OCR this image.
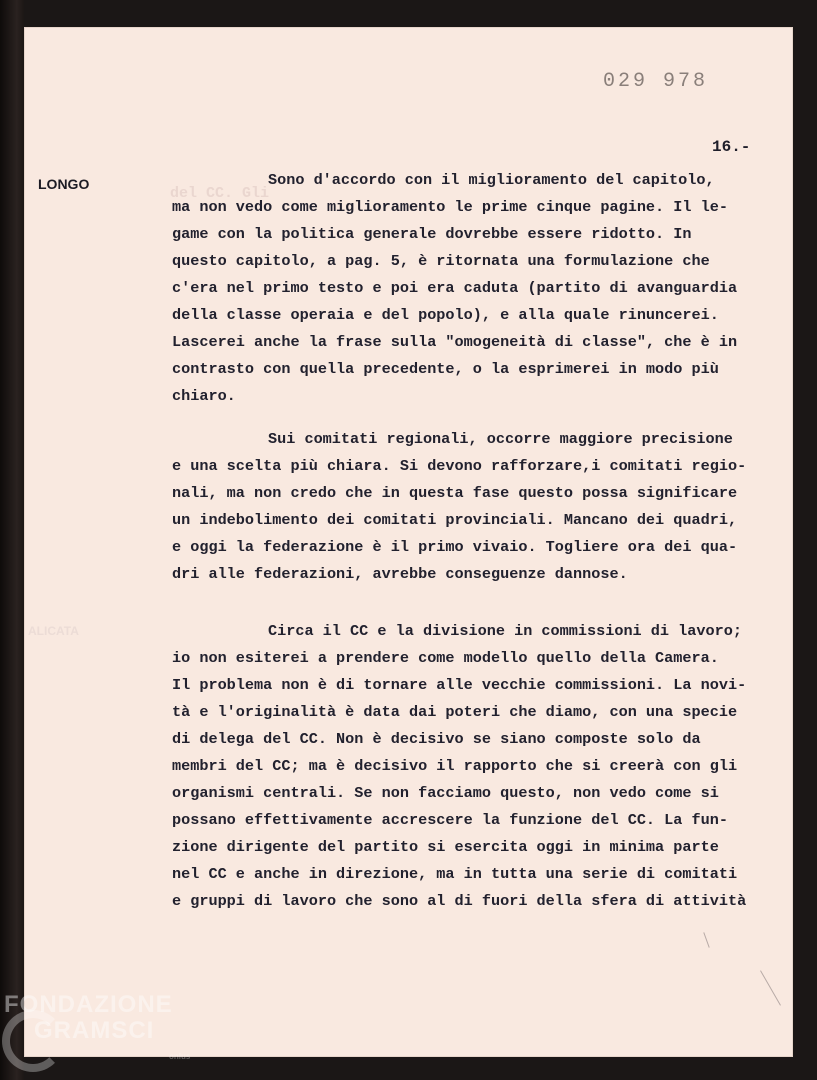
del CC. Gli
ALICATA
029 978
16.-
LONGO	Sono d'accordo con il miglioramento del capitolo,
ma non vedo come miglioramento le prime cinque pagine. Il le-
game con la politica generale dovrebbe essere ridotto. In
questo capitolo, a pag. 5, è ritornata una formulazione che
c'era nel primo testo e poi era caduta (partito di avanguardia
della classe operaia e del popolo), e alla quale rinuncerei.
Lascerei anche la frase sulla "omogeneità di classe", che è in
contrasto con quella precedente, o la esprimerei in modo più
chiaro.
Sui comitati regionali, occorre maggiore precisione
e una scelta più chiara. Si devono rafforzare,i comitati regio-
nali, ma non credo che in questa fase questo possa significare
un indebolimento dei comitati provinciali. Mancano dei quadri,
e oggi la federazione è il primo vivaio. Togliere ora dei qua-
dri alle federazioni, avrebbe conseguenze dannose.
Circa il CC e la divisione in commissioni di lavoro;
io non esiterei a prendere come modello quello della Camera.
Il problema non è di tornare alle vecchie commissioni. La novi-
tà e l'originalità è data dai poteri che diamo, con una specie
di delega del CC. Non è decisivo se siano composte solo da
membri del CC; ma è decisivo il rapporto che si creerà con gli
organismi centrali. Se non facciamo questo, non vedo come si
possano effettivamente accrescere la funzione del CC. La fun-
zione dirigente del partito si esercita oggi in minima parte
nel CC e anche in direzione, ma in tutta una serie di comitati
e gruppi di lavoro che sono al di fuori della sfera di attività
FONDAZIONE
GRAMSCI
onlus
